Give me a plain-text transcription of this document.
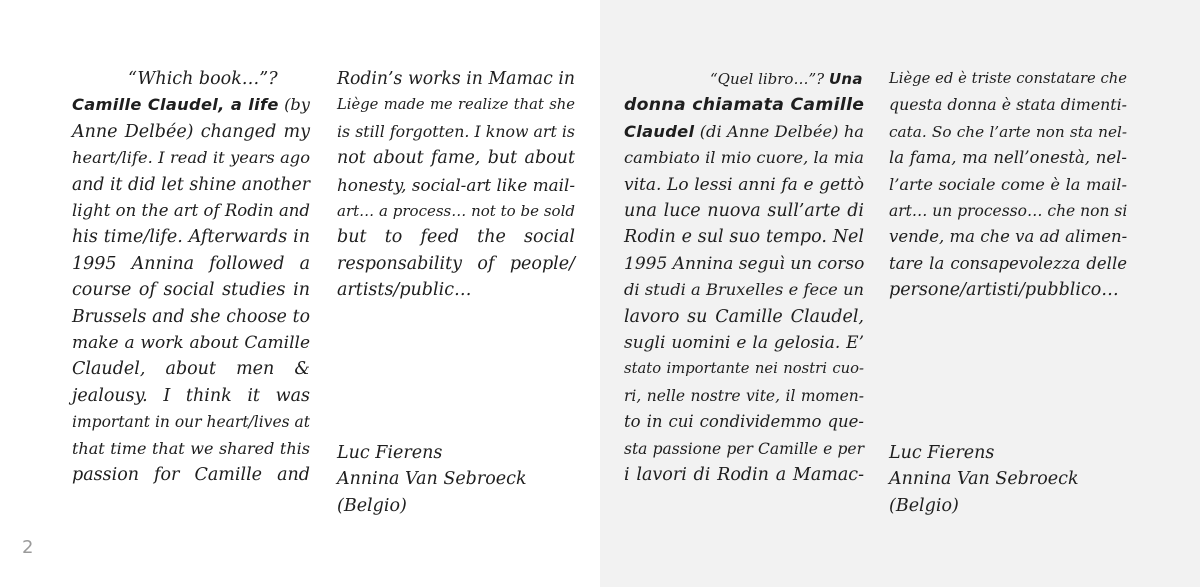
“Which book…”?
Camille Claudel, a life (by
Anne Delbée) changed my
heart/life. I read it years ago
and it did let shine another
light on the art of Rodin and
his time/life. Afterwards in
1995 Annina followed a
course of social studies in
Brussels and she choose to
make a work about Camille
Claudel, about men &
jealousy. I think it was
important in our heart/lives at
that time that we shared this
passion for Camille and
Rodin’s works in Mamac in
Liège made me realize that she
is still forgotten. I know art is
not about fame, but about
honesty, social-art like mail-
art… a process… not to be sold
but to feed the social
responsability of people/
artists/public…
Luc Fierens
Annina Van Sebroeck
(Belgio)
2
“Quel libro…”? Una
donna chiamata Camille
Claudel (di Anne Delbée) ha
cambiato il mio cuore, la mia
vita. Lo lessi anni fa e gettò
una luce nuova sull’arte di
Rodin e sul suo tempo. Nel
1995 Annina seguì un corso
di studi a Bruxelles e fece un
lavoro su Camille Claudel,
sugli uomini e la gelosia. E’
stato importante nei nostri cuo-
ri, nelle nostre vite, il momen-
to in cui condividemmo que-
sta passione per Camille e per
i lavori di Rodin a Mamac-
Liège ed è triste constatare che
questa donna è stata dimenti-
cata. So che l’arte non sta nel-
la fama, ma nell’onestà, nel-
l’arte sociale come è la mail-
art… un processo… che non si
vende, ma che va ad alimen-
tare la consapevolezza delle
persone/artisti/pubblico…
Luc Fierens
Annina Van Sebroeck
(Belgio)
